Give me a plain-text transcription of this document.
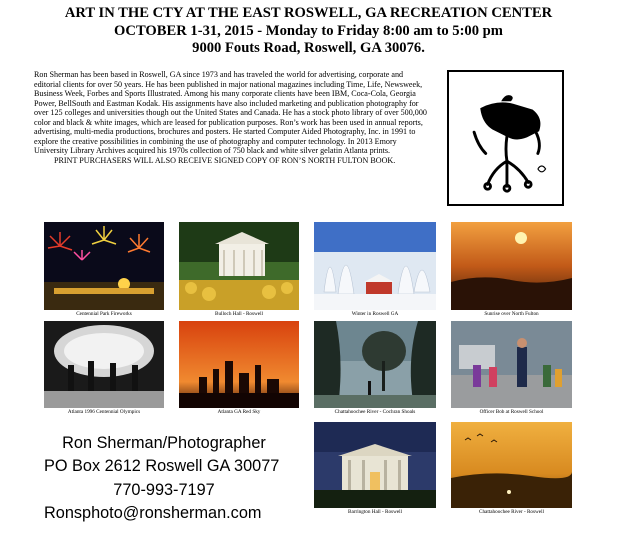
ART IN THE CTY AT THE EAST ROSWELL, GA RECREATION CENTER
OCTOBER 1-31, 2015 - Monday to Friday 8:00 am to 5:00 pm
9000 Fouts Road, Roswell, GA 30076.
Ron Sherman has been based in Roswell, GA since 1973 and has traveled the world for advertising, corporate and editorial clients for over 50 years. He has been published in major national magazines including Time, Life, Newsweek, Business Week, Forbes and Sports Illustrated. Among his many corporate clients have been IBM, Coca-Cola, Georgia Power, BellSouth and Eastman Kodak. His assignments have also included marketing and publication photography for over 125 colleges and universities though out the United States and Canada. He has a stock photo library of over 500,000 color and black & white images, which are leased for publication purposes. Ron’s work has been used in annual reports, advertising, multi-media productions, brochures and posters. He started Computer Aided Photography, Inc. in 1991 to explore the creative possibilities in combining the use of photography and computer technology. In 2013 Emory University Library Archives acquired his 1970s collection of 750 black and white silver gelatin Atlanta prints.
PRINT PURCHASERS WILL ALSO RECEIVE SIGNED COPY OF RON’S NORTH FULTON BOOK.
Centennial Park Fireworks	Bulloch Hall - Roswell	Winter in Roswell GA	Sunrise over North Fulton
Atlanta 1996 Centennial Olympics	Atlanta GA Red Sky	Chattahoochee River - Cochran Shoals	Officer Bob at Roswell School
Barrington Hall - Roswell	Chattahoochee River - Roswell
Ron Sherman/Photographer
PO Box 2612 Roswell GA 30077
770-993-7197
Ronsphoto@ronsherman.com
